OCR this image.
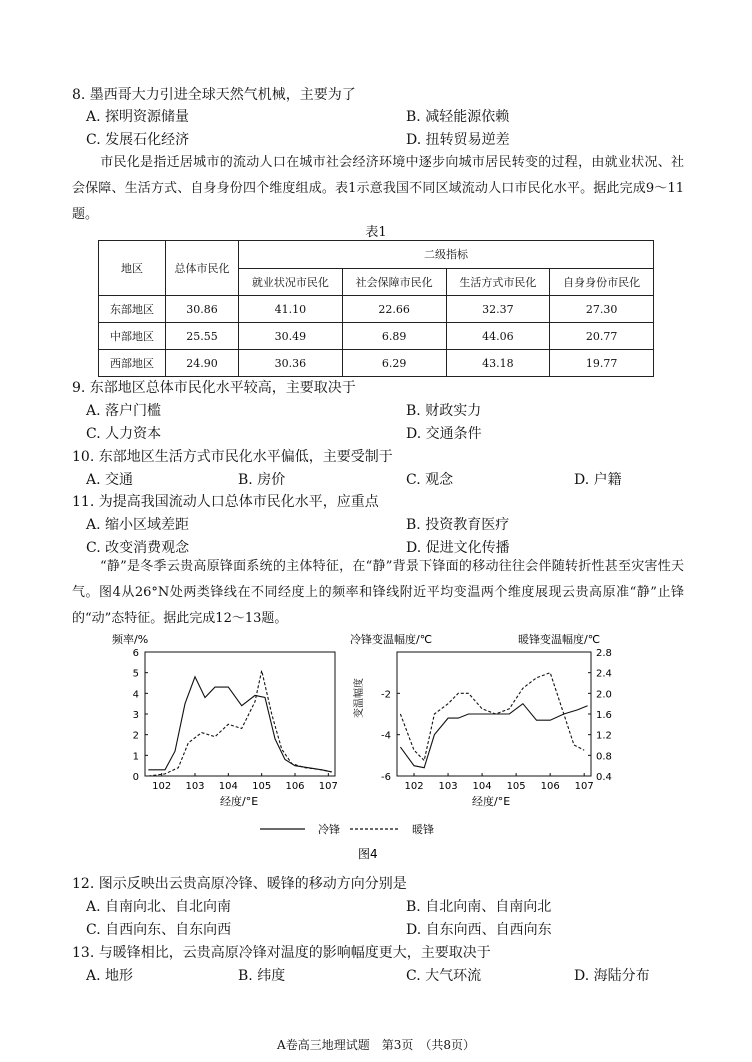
8. 墨西哥大力引进全球天然气机械，主要为了
A. 探明资源储量	B. 减轻能源依赖
C. 发展石化经济	D. 扭转贸易逆差
市民化是指迁居城市的流动人口在城市社会经济环境中逐步向城市居民转变的过程，由就业状况、社会保障、生活方式、自身身份四个维度组成。表1示意我国不同区域流动人口市民化水平。据此完成9～11题。
表1
地区	总体市民化	二级指标			
		就业状况市民化	社会保障市民化	生活方式市民化	自身身份市民化
东部地区	30.86	41.10	22.66	32.37	27.30
中部地区	25.55	30.49	6.89	44.06	20.77
西部地区	24.90	30.36	6.29	43.18	19.77
9. 东部地区总体市民化水平较高，主要取决于
A. 落户门槛	B. 财政实力
C. 人力资本	D. 交通条件
10. 东部地区生活方式市民化水平偏低，主要受制于
A. 交通	B. 房价	C. 观念	D. 户籍
11. 为提高我国流动人口总体市民化水平，应重点
A. 缩小区域差距	B. 投资教育医疗
C. 改变消费观念	D. 促进文化传播
“静”是冬季云贵高原锋面系统的主体特征，在“静”背景下锋面的移动往往会伴随转折性甚至灾害性天气。图4从26°N处两类锋线在不同经度上的频率和锋线附近平均变温两个维度展现云贵高原准“静”止锋的“动”态特征。据此完成12～13题。
频率/%
经度/°E
0
1
2
3
4
5
6
102 103 104 105 106 107
冷锋变温幅度/℃	暖锋变温幅度/℃
变温幅度
经度/°E
-6
-4
-2
0.4
0.8
1.2
1.6
2.0
2.4
2.8
102 103 104 105 106 107
冷锋	暖锋
图4
12. 图示反映出云贵高原冷锋、暖锋的移动方向分别是
A. 自南向北、自北向南	B. 自北向南、自南向北
C. 自西向东、自东向西	D. 自东向西、自西向东
13. 与暖锋相比，云贵高原冷锋对温度的影响幅度更大，主要取决于
A. 地形	B. 纬度	C. 大气环流	D. 海陆分布
A卷高三地理试题　第3页　（共8页）
